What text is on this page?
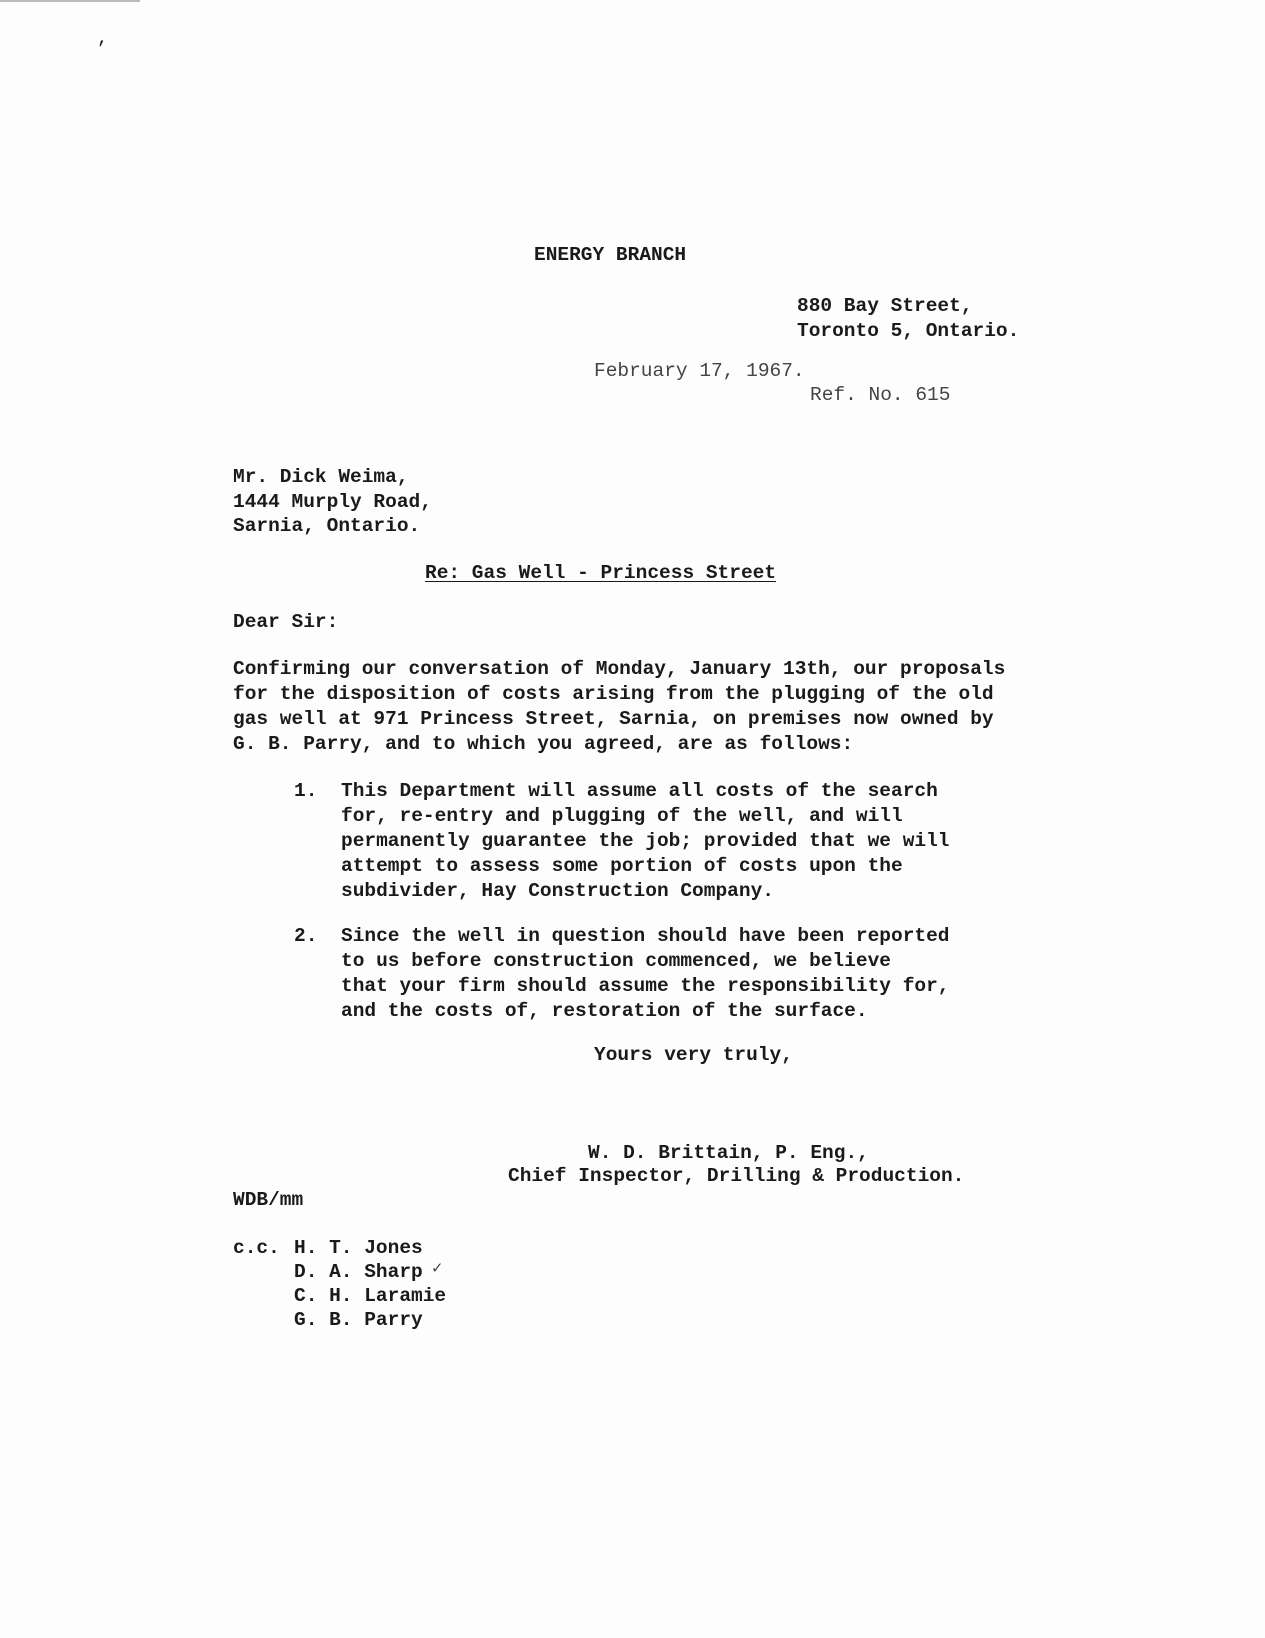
’
ENERGY BRANCH
880 Bay Street,
Toronto 5, Ontario.
February 17, 1967.
Ref. No. 615
Mr. Dick Weima,
1444 Murply Road,
Sarnia, Ontario.
Re: Gas Well - Princess Street
Dear Sir:
Confirming our conversation of Monday, January 13th, our proposals
for the disposition of costs arising from the plugging of the old
gas well at 971 Princess Street, Sarnia, on premises now owned by
G. B. Parry, and to which you agreed, are as follows:
1. This Department will assume all costs of the search
for, re-entry and plugging of the well, and will
permanently guarantee the job; provided that we will
attempt to assess some portion of costs upon the
subdivider, Hay Construction Company.
2. Since the well in question should have been reported
to us before construction commenced, we believe
that your firm should assume the responsibility for,
and the costs of, restoration of the surface.
Yours very truly,
W. D. Brittain, P. Eng.,
Chief Inspector, Drilling & Production.
WDB/mm
c.c. H. T. Jones
D. A. Sharp ✓
C. H. Laramie
G. B. Parry
